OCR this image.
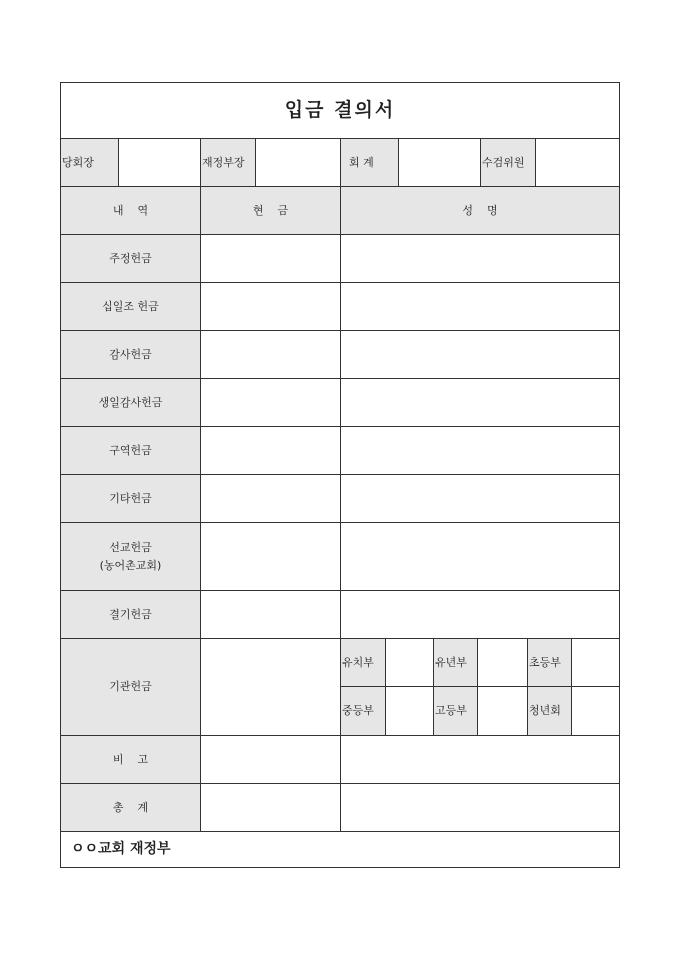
입금 결의서
당회장	재정부장	회 계	수검위원
내    역	현    금	성    명
주정헌금
십일조 헌금
감사헌금
생일감사헌금
구역헌금
기타헌금
선교헌금
(농어촌교회)
결기헌금
기관헌금
유치부	유년부	초등부
중등부	고등부	청년회
비    고
총    계
ㅇㅇ교회 재정부
